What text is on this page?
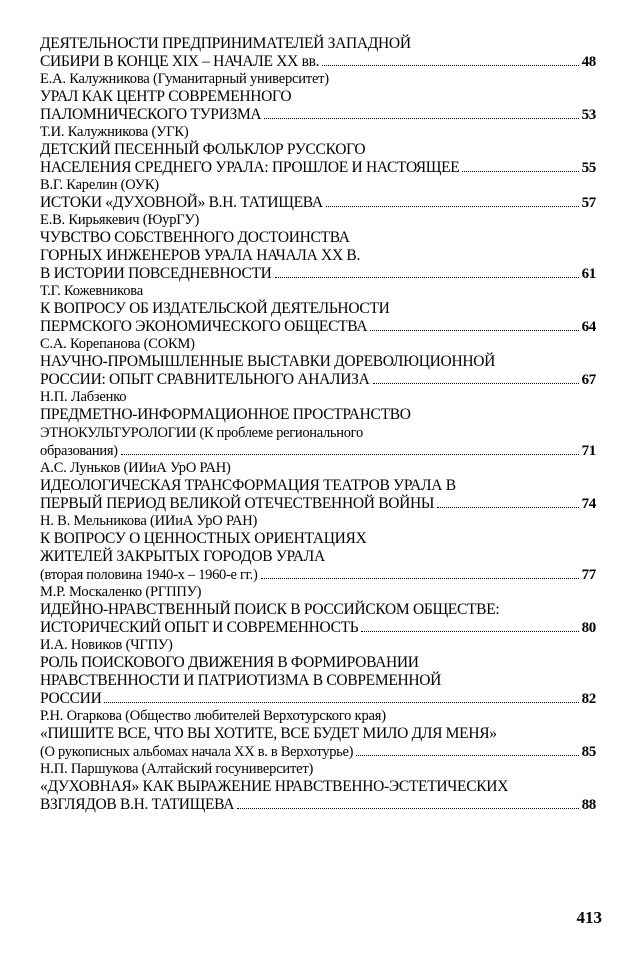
ДЕЯТЕЛЬНОСТИ ПРЕДПРИНИМАТЕЛЕЙ ЗАПАДНОЙ
СИБИРИ В КОНЦЕ XIX – НАЧАЛЕ XX вв.	48
Е.А. Калужникова (Гуманитарный университет)
УРАЛ КАК ЦЕНТР СОВРЕМЕННОГО
ПАЛОМНИЧЕСКОГО ТУРИЗМА	53
Т.И. Калужникова (УГК)
ДЕТСКИЙ ПЕСЕННЫЙ ФОЛЬКЛОР РУССКОГО
НАСЕЛЕНИЯ СРЕДНЕГО УРАЛА: ПРОШЛОЕ И НАСТОЯЩЕЕ	55
В.Г. Карелин (ОУК)
ИСТОКИ «ДУХОВНОЙ» В.Н. ТАТИЩЕВА	57
Е.В. Кирьякевич (ЮурГУ)
ЧУВСТВО СОБСТВЕННОГО ДОСТОИНСТВА
ГОРНЫХ ИНЖЕНЕРОВ УРАЛА НАЧАЛА XX В.
В ИСТОРИИ ПОВСЕДНЕВНОСТИ	61
Т.Г. Кожевникова
К ВОПРОСУ ОБ ИЗДАТЕЛЬСКОЙ ДЕЯТЕЛЬНОСТИ
ПЕРМСКОГО ЭКОНОМИЧЕСКОГО ОБЩЕСТВА	64
С.А. Корепанова (СОКМ)
НАУЧНО-ПРОМЫШЛЕННЫЕ ВЫСТАВКИ ДОРЕВОЛЮЦИОННОЙ
РОССИИ: ОПЫТ СРАВНИТЕЛЬНОГО АНАЛИЗА	67
Н.П. Лабзенко
ПРЕДМЕТНО-ИНФОРМАЦИОННОЕ ПРОСТРАНСТВО
ЭТНОКУЛЬТУРОЛОГИИ (К проблеме регионального
образования)	71
А.С. Луньков (ИИиА УрО РАН)
ИДЕОЛОГИЧЕСКАЯ ТРАНСФОРМАЦИЯ ТЕАТРОВ УРАЛА В
ПЕРВЫЙ ПЕРИОД ВЕЛИКОЙ ОТЕЧЕСТВЕННОЙ ВОЙНЫ	74
Н. В. Мельникова (ИИиА УрО РАН)
К ВОПРОСУ О ЦЕННОСТНЫХ ОРИЕНТАЦИЯХ
ЖИТЕЛЕЙ ЗАКРЫТЫХ ГОРОДОВ УРАЛА
(вторая половина 1940-х – 1960-е гг.)	77
М.Р. Москаленко (РГППУ)
ИДЕЙНО-НРАВСТВЕННЫЙ ПОИСК В РОССИЙСКОМ ОБЩЕСТВЕ:
ИСТОРИЧЕСКИЙ ОПЫТ И СОВРЕМЕННОСТЬ	80
И.А. Новиков (ЧГПУ)
РОЛЬ ПОИСКОВОГО ДВИЖЕНИЯ В ФОРМИРОВАНИИ
НРАВСТВЕННОСТИ И ПАТРИОТИЗМА В СОВРЕМЕННОЙ
РОССИИ	82
Р.Н. Огаркова (Общество любителей Верхотурского края)
«ПИШИТЕ ВСЕ, ЧТО ВЫ ХОТИТЕ, ВСЕ БУДЕТ МИЛО ДЛЯ МЕНЯ»
(О рукописных альбомах начала XX в. в Верхотурье)	85
Н.П. Паршукова (Алтайский госуниверситет)
«ДУХОВНАЯ» КАК ВЫРАЖЕНИЕ НРАВСТВЕННО-ЭСТЕТИЧЕСКИХ
ВЗГЛЯДОВ В.Н. ТАТИЩЕВА	88
413
